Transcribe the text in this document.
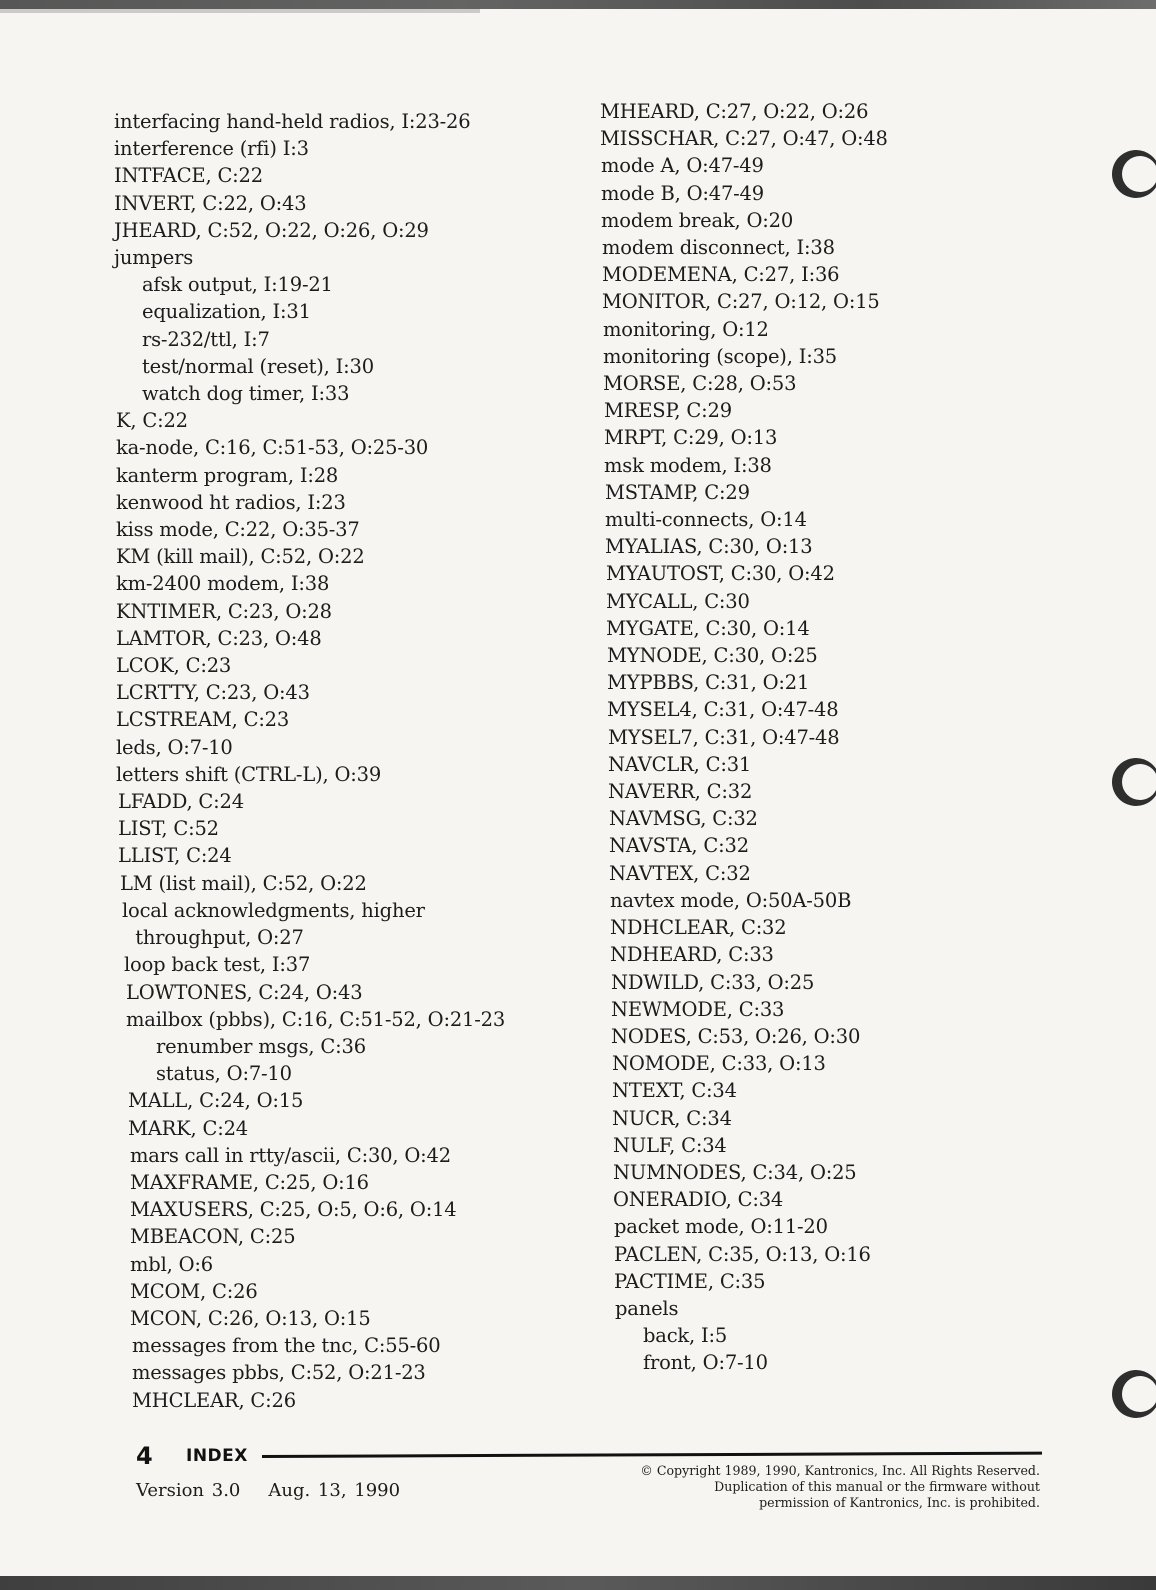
interfacing hand-held radios, I:23-26
interference (rfi) I:3
INTFACE, C:22
INVERT, C:22, O:43
JHEARD, C:52, O:22, O:26, O:29
jumpers
afsk output, I:19-21
equalization, I:31
rs-232/ttl, I:7
test/normal (reset), I:30
watch dog timer, I:33
K, C:22
ka-node, C:16, C:51-53, O:25-30
kanterm program, I:28
kenwood ht radios, I:23
kiss mode, C:22, O:35-37
KM (kill mail), C:52, O:22
km-2400 modem, I:38
KNTIMER, C:23, O:28
LAMTOR, C:23, O:48
LCOK, C:23
LCRTTY, C:23, O:43
LCSTREAM, C:23
leds, O:7-10
letters shift (CTRL-L), O:39
LFADD, C:24
LIST, C:52
LLIST, C:24
LM (list mail), C:52, O:22
local acknowledgments, higher
throughput, O:27
loop back test, I:37
LOWTONES, C:24, O:43
mailbox (pbbs), C:16, C:51-52, O:21-23
renumber msgs, C:36
status, O:7-10
MALL, C:24, O:15
MARK, C:24
mars call in rtty/ascii, C:30, O:42
MAXFRAME, C:25, O:16
MAXUSERS, C:25, O:5, O:6, O:14
MBEACON, C:25
mbl, O:6
MCOM, C:26
MCON, C:26, O:13, O:15
messages from the tnc, C:55-60
messages pbbs, C:52, O:21-23
MHCLEAR, C:26
MHEARD, C:27, O:22, O:26
MISSCHAR, C:27, O:47, O:48
mode A, O:47-49
mode B, O:47-49
modem break, O:20
modem disconnect, I:38
MODEMENA, C:27, I:36
MONITOR, C:27, O:12, O:15
monitoring, O:12
monitoring (scope), I:35
MORSE, C:28, O:53
MRESP, C:29
MRPT, C:29, O:13
msk modem, I:38
MSTAMP, C:29
multi-connects, O:14
MYALIAS, C:30, O:13
MYAUTOST, C:30, O:42
MYCALL, C:30
MYGATE, C:30, O:14
MYNODE, C:30, O:25
MYPBBS, C:31, O:21
MYSEL4, C:31, O:47-48
MYSEL7, C:31, O:47-48
NAVCLR, C:31
NAVERR, C:32
NAVMSG, C:32
NAVSTA, C:32
NAVTEX, C:32
navtex mode, O:50A-50B
NDHCLEAR, C:32
NDHEARD, C:33
NDWILD, C:33, O:25
NEWMODE, C:33
NODES, C:53, O:26, O:30
NOMODE, C:33, O:13
NTEXT, C:34
NUCR, C:34
NULF, C:34
NUMNODES, C:34, O:25
ONERADIO, C:34
packet mode, O:11-20
PACLEN, C:35, O:13, O:16
PACTIME, C:35
panels
back, I:5
front, O:7-10
4 INDEX
Version 3.0 Aug. 13, 1990
© Copyright 1989, 1990, Kantronics, Inc. All Rights Reserved.
Duplication of this manual or the firmware without
permission of Kantronics, Inc. is prohibited.
